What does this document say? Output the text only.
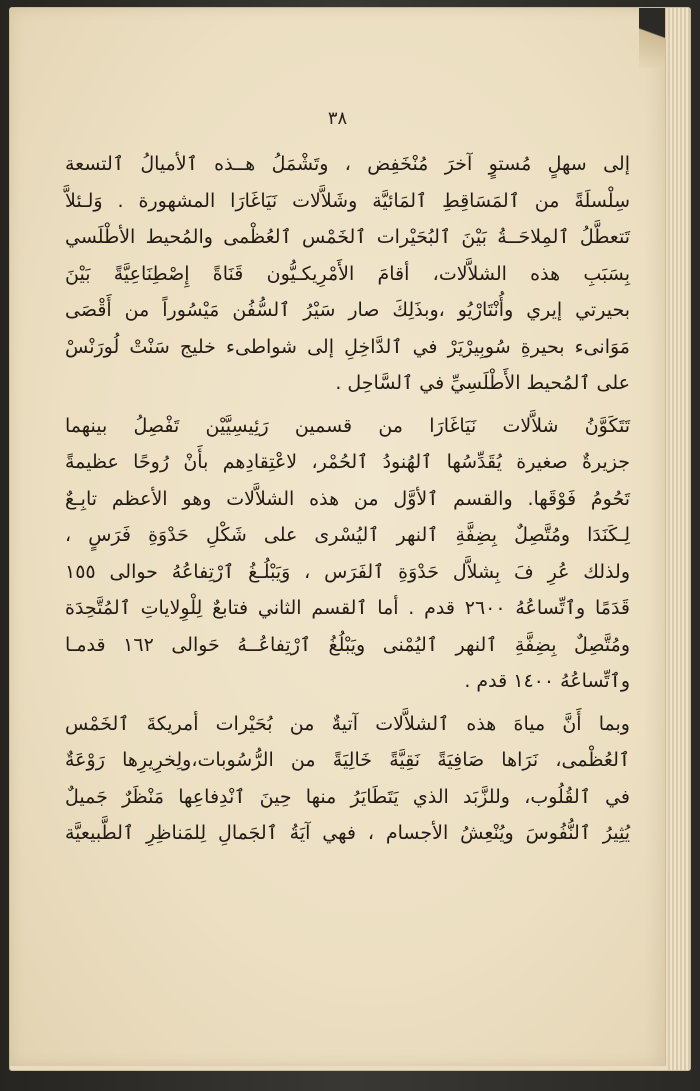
٣٨
إلى سهلٍ مُستوٍ آخرَ مُنْخَفِض ، وتَشْمَلُ هــذه ٱلأميالُ ٱلتسعة
سِلْسلَةً من ٱلمَسَاقِطِ ٱلمَائيَّة وشَلاَّلات نَيَاغَارَا المشهورة . وَلـئلاَّ
تَتعطَّلُ ٱلمِلاحَــةُ بَيْنَ ٱلبُحَيْرات ٱلخَمْس ٱلعُظْمى والمُحيط الأطْلَسي
بِسَبَبِ هذه الشلاَّلات، أقامَ الأَمْرِيكـيُّون قَنَاةً إِصْطِنَاعِيَّةً بَيْنَ
بحيرتي إيري وأُنْتَارْيُو ،وبذَلِكَ صار سَيْرُ ٱلسُّفُن مَيْسُوراً من أَقْصَى
مَوَانىء بحيرةِ سُوبِيرْيَرْ في ٱلدَّاخِلِ إلى شواطىء خليج سَنْتْ لُورَنْسْ
على ٱلمُحيط الأَطْلَسِيِّ في ٱلسَّاحِل .
تَتَكَوَّنُ شلاَّلات نَيَاغَارَا من قسمين رَئِيسِيَّيْن تَفْصِلُ بينهما
جزيرةٌ صغيرة يُقَدِّسُها ٱلهُنودُ ٱلحُمْر، لاعْتِقادِهم بأَنْ رُوحًا عظيمةً
تَحُومُ فَوْقَها. والقسم ٱلأوَّل من هذه الشلاَّلات وهو الأعظم تابِـعٌ
لِـكَنَدَا ومُتَّصِلٌ بِضِفَّةِ ٱلنهر ٱليُسْرى على شَكْلِ حَدْوَةِ فَرَسٍ ،
ولذلك عُرِ فَ بِشلاَّل حَدْوَةِ ٱلفَرَس ، وَيَبْلُـغُ ٱرْتِفاعُهُ حوالى ١٥٥
قَدَمًا وٱتِّساعُهُ ٢٦٠٠ قدم . أما ٱلقسم الثاني فتابعٌ لِلْوِلاياتِ ٱلمُتَّحِدَة
ومُتَّصِلٌ بِضِفَّةِ ٱلنهر ٱليُمْنى ويَبْلُغُ ٱرْتِفاعُــهُ حَوالى ١٦٢ قدمـا
وٱتِّساعُهُ ١٤٠٠ قدم .
وبما أَنَّ مياهَ هذه ٱلشلاَّلات آتيةٌ من بُحَيْرات أمريكةَ ٱلخَمْس
ٱلعُظْمى، نَرَاها صَافِيَةً نَقِيَّةً خَالِيَةً من الرُّسُوبات،ولِخرِيرِها رَوْعَةٌ
في ٱلقُلُوب، وللزَّبَد الذي يَتَطَايَرُ منها حِينَ ٱنْدِفاعِها مَنْظَرٌ جَميلٌ
يُثِيرُ ٱلنُّفُوسَ ويُنْعِشُ الأجسام ، فهي آيَةُ ٱلجَمالِ لِلمَناظِرِ ٱلطَّبيعيَّة
